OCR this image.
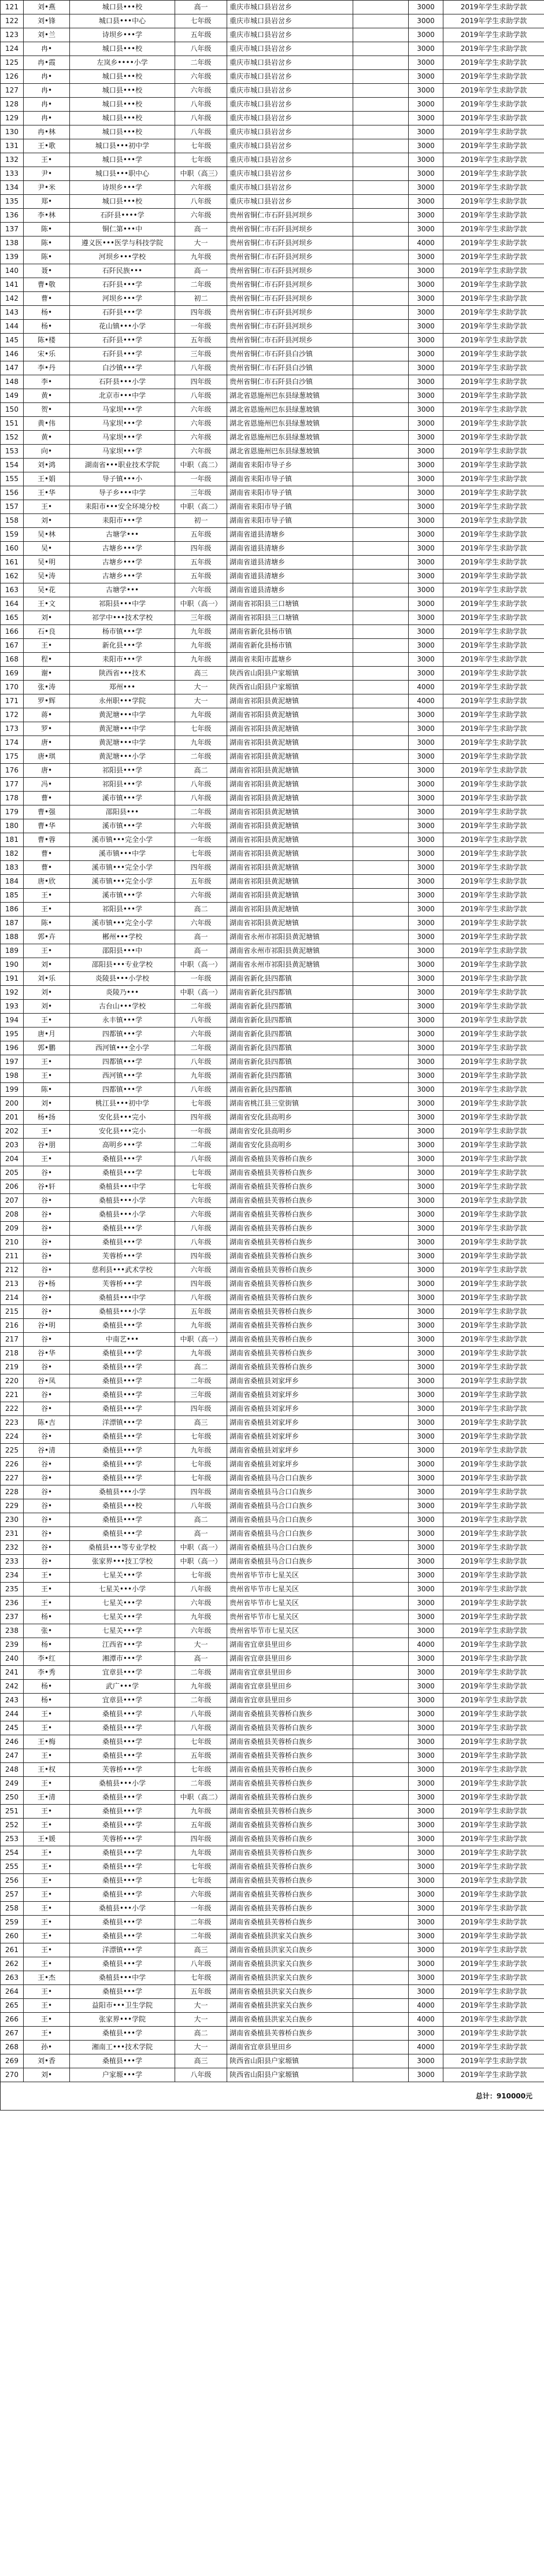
121	刘•燕	城口县•••校	高一	重庆市城口县岩岔乡		3000	2019年学生求助学款
122	刘•锋	城口县•••中心	七年级	重庆市城口县岩岔乡		3000	2019年学生求助学款
123	刘•兰	诗坝乡•••学	五年级	重庆市城口县岩岔乡		3000	2019年学生求助学款
124	冉•	城口县•••校	八年级	重庆市城口县岩岔乡		3000	2019年学生求助学款
125	冉•霞	左岚乡••••小学	二年级	重庆市城口县岩岔乡		3000	2019年学生求助学款
126	冉•	城口县•••校	六年级	重庆市城口县岩岔乡		3000	2019年学生求助学款
127	冉•	城口县•••校	六年级	重庆市城口县岩岔乡		3000	2019年学生求助学款
128	冉•	城口县•••校	八年级	重庆市城口县岩岔乡		3000	2019年学生求助学款
129	冉•	城口县•••校	八年级	重庆市城口县岩岔乡		3000	2019年学生求助学款
130	冉•林	城口县•••校	八年级	重庆市城口县岩岔乡		3000	2019年学生求助学款
131	王•歌	城口县•••初中学	七年级	重庆市城口县岩岔乡		3000	2019年学生求助学款
132	王•	城口县•••学	七年级	重庆市城口县岩岔乡		3000	2019年学生求助学款
133	尹•	城口县•••职中心	中职（高三）	重庆市城口县岩岔乡		3000	2019年学生求助学款
134	尹•米	诗坝乡•••学	六年级	重庆市城口县岩岔乡		3000	2019年学生求助学款
135	郑•	城口县•••校	八年级	重庆市城口县岩岔乡		3000	2019年学生求助学款
136	李•林	石阡县••••学	六年级	贵州省铜仁市石阡县河坝乡		3000	2019年学生求助学款
137	陈•	铜仁第•••中	高一	贵州省铜仁市石阡县河坝乡		3000	2019年学生求助学款
138	陈•	遵义医•••医学与科技学院	大一	贵州省铜仁市石阡县河坝乡		4000	2019年学生求助学款
139	陈•	河坝乡•••学校	九年级	贵州省铜仁市石阡县河坝乡		3000	2019年学生求助学款
140	聂•	石阡民族•••	高一	贵州省铜仁市石阡县河坝乡		3000	2019年学生求助学款
141	曹•敬	石阡县•••学	二年级	贵州省铜仁市石阡县河坝乡		3000	2019年学生求助学款
142	曹•	河坝乡•••学	初二	贵州省铜仁市石阡县河坝乡		3000	2019年学生求助学款
143	杨•	石阡县•••学	四年级	贵州省铜仁市石阡县河坝乡		3000	2019年学生求助学款
144	杨•	花山镇•••小学	一年级	贵州省铜仁市石阡县河坝乡		3000	2019年学生求助学款
145	陈•楼	石阡县•••学	五年级	贵州省铜仁市石阡县河坝乡		3000	2019年学生求助学款
146	宋•乐	石阡县•••学	三年级	贵州省铜仁市石阡县白沙镇		3000	2019年学生求助学款
147	李•丹	白沙镇•••学	八年级	贵州省铜仁市石阡县白沙镇		3000	2019年学生求助学款
148	李•	石阡县•••小学	四年级	贵州省铜仁市石阡县白沙镇		3000	2019年学生求助学款
149	黄•	北京市•••中学	八年级	湖北省恩施州巴东县绿葱坡镇		3000	2019年学生求助学款
150	贺•	马家坝•••学	六年级	湖北省恩施州巴东县绿葱坡镇		3000	2019年学生求助学款
151	黄•伟	马家坝•••学	六年级	湖北省恩施州巴东县绿葱坡镇		3000	2019年学生求助学款
152	黄•	马家坝•••学	六年级	湖北省恩施州巴东县绿葱坡镇		3000	2019年学生求助学款
153	向•	马家坝•••学	六年级	湖北省恩施州巴东县绿葱坡镇		3000	2019年学生求助学款
154	刘•鸿	湖南省•••职业技术学院	中职（高二）	湖南省耒阳市导子乡		3000	2019年学生求助学款
155	王•娟	导子镇•••小	一年级	湖南省耒阳市导子镇		3000	2019年学生求助学款
156	王•华	导子乡•••中学	三年级	湖南省耒阳市导子镇		3000	2019年学生求助学款
157	王•	耒阳市•••安全环境分校	中职（高二）	湖南省耒阳市导子镇		3000	2019年学生求助学款
158	刘•	耒阳市•••学	初一	湖南省耒阳市导子镇		3000	2019年学生求助学款
159	吴•林	古塘学•••	五年级	湖南省道县清塘乡		3000	2019年学生求助学款
160	吴•	古塘乡•••学	四年级	湖南省道县清塘乡		3000	2019年学生求助学款
161	吴•明	古塘乡•••学	五年级	湖南省道县清塘乡		3000	2019年学生求助学款
162	吴•涛	古塘乡•••学	五年级	湖南省道县清塘乡		3000	2019年学生求助学款
163	吴•花	古塘学•••	六年级	湖南省道县清塘乡		3000	2019年学生求助学款
164	王•文	祁阳县•••中学	中职（高一）	湖南省祁阳县三口塘镇		3000	2019年学生求助学款
165	刘•	祁学中•••技术学校	三年级	湖南省祁阳县三口塘镇		3000	2019年学生求助学款
166	石•良	杨市镇•••学	九年级	湖南省新化县杨市镇		3000	2019年学生求助学款
167	王•	新化县•••学	九年级	湖南省新化县杨市镇		3000	2019年学生求助学款
168	程•	耒阳市•••学	九年级	湖南省耒阳市蓝塘乡		3000	2019年学生求助学款
169	谢•	陕西省•••技术	高三	陕西省山阳县户家塬镇		3000	2019年学生求助学款
170	张•涛	郑州•••	大一	陕西省山阳县户家塬镇		4000	2019年学生求助学款
171	罗•辉	永州职•••学院	大一	湖南省祁阳县黄泥塘镇		4000	2019年学生求助学款
172	蒋•	黄泥塘•••中学	九年级	湖南省祁阳县黄泥塘镇		3000	2019年学生求助学款
173	罗•	黄泥塘•••中学	七年级	湖南省祁阳县黄泥塘镇		3000	2019年学生求助学款
174	唐•	黄泥塘•••中学	九年级	湖南省祁阳县黄泥塘镇		3000	2019年学生求助学款
175	唐•琪	黄泥塘•••小学	二年级	湖南省祁阳县黄泥塘镇		3000	2019年学生求助学款
176	唐•	祁阳县•••学	高二	湖南省祁阳县黄泥塘镇		3000	2019年学生求助学款
177	冯•	祁阳县•••学	八年级	湖南省祁阳县黄泥塘镇		3000	2019年学生求助学款
178	曹•	溪市镇•••学	八年级	湖南省祁阳县黄泥塘镇		3000	2019年学生求助学款
179	曹•强	邵阳县•••	二年级	湖南省祁阳县黄泥塘镇		3000	2019年学生求助学款
180	曹•华	溪市镇•••学	六年级	湖南省祁阳县黄泥塘镇		3000	2019年学生求助学款
181	曹•蓉	溪市镇•••完全小学	一年级	湖南省祁阳县黄泥塘镇		3000	2019年学生求助学款
182	曹•	溪市镇•••中学	七年级	湖南省祁阳县黄泥塘镇		3000	2019年学生求助学款
183	曹•	溪市镇•••完全小学	四年级	湖南省祁阳县黄泥塘镇		3000	2019年学生求助学款
184	唐•欣	溪市镇•••完全小学	五年级	湖南省祁阳县黄泥塘镇		3000	2019年学生求助学款
185	王•	溪市镇•••学	六年级	湖南省祁阳县黄泥塘镇		3000	2019年学生求助学款
186	王•	祁阳县•••学	高二	湖南省祁阳县黄泥塘镇		3000	2019年学生求助学款
187	陈•	溪市镇•••完全小学	六年级	湖南省祁阳县黄泥塘镇		3000	2019年学生求助学款
188	郭•卉	郴州•••学校	高一	湖南省永州市祁阳县黄泥塘镇		3000	2019年学生求助学款
189	王•	邵阳县•••中	高一	湖南省永州市祁阳县黄泥塘镇		3000	2019年学生求助学款
190	刘•	邵阳县•••专业学校	中职（高一）	湖南省永州市祁阳县黄泥塘镇		3000	2019年学生求助学款
191	刘•乐	炎陵县•••小学校	一年级	湖南省新化县四都镇		3000	2019年学生求助学款
192	刘•	炎陵乃•••	中职（高一）	湖南省新化县四都镇		3000	2019年学生求助学款
193	刘•	古台山•••学校	二年级	湖南省新化县四都镇		3000	2019年学生求助学款
194	王•	永丰镇•••学	八年级	湖南省新化县四都镇		3000	2019年学生求助学款
195	唐•月	四都镇•••学	六年级	湖南省新化县四都镇		3000	2019年学生求助学款
196	郭•鹏	西河镇•••全小学	二年级	湖南省新化县四都镇		3000	2019年学生求助学款
197	王•	四都镇•••学	八年级	湖南省新化县四都镇		3000	2019年学生求助学款
198	王•	西河镇•••学	九年级	湖南省新化县四都镇		3000	2019年学生求助学款
199	陈•	四都镇•••学	八年级	湖南省新化县四都镇		3000	2019年学生求助学款
200	刘•	桃江县•••初中学	七年级	湖南省桃江县三堂街镇		3000	2019年学生求助学款
201	杨•扬	安化县•••完小	四年级	湖南省安化县高明乡		3000	2019年学生求助学款
202	王•	安化县•••完小	一年级	湖南省安化县高明乡		3000	2019年学生求助学款
203	谷•朋	高明乡•••学	二年级	湖南省安化县高明乡		3000	2019年学生求助学款
204	王•	桑植县•••学	八年级	湖南省桑植县芙蓉桥白族乡		3000	2019年学生求助学款
205	谷•	桑植县•••学	七年级	湖南省桑植县芙蓉桥白族乡		3000	2019年学生求助学款
206	谷•轩	桑植县•••中学	七年级	湖南省桑植县芙蓉桥白族乡		3000	2019年学生求助学款
207	谷•	桑植县•••小学	六年级	湖南省桑植县芙蓉桥白族乡		3000	2019年学生求助学款
208	谷•	桑植县•••小学	六年级	湖南省桑植县芙蓉桥白族乡		3000	2019年学生求助学款
209	谷•	桑植县•••学	八年级	湖南省桑植县芙蓉桥白族乡		3000	2019年学生求助学款
210	谷•	桑植县•••学	八年级	湖南省桑植县芙蓉桥白族乡		3000	2019年学生求助学款
211	谷•	芙蓉桥•••学	四年级	湖南省桑植县芙蓉桥白族乡		3000	2019年学生求助学款
212	谷•	慈利县•••武术学校	六年级	湖南省桑植县芙蓉桥白族乡		3000	2019年学生求助学款
213	谷•杨	芙蓉桥•••学	四年级	湖南省桑植县芙蓉桥白族乡		3000	2019年学生求助学款
214	谷•	桑植县•••中学	八年级	湖南省桑植县芙蓉桥白族乡		3000	2019年学生求助学款
215	谷•	桑植县•••小学	五年级	湖南省桑植县芙蓉桥白族乡		3000	2019年学生求助学款
216	谷•明	桑植县•••学	九年级	湖南省桑植县芙蓉桥白族乡		3000	2019年学生求助学款
217	谷•	中南艺•••	中职（高一）	湖南省桑植县芙蓉桥白族乡		3000	2019年学生求助学款
218	谷•华	桑植县•••学	九年级	湖南省桑植县芙蓉桥白族乡		3000	2019年学生求助学款
219	谷•	桑植县•••学	高二	湖南省桑植县芙蓉桥白族乡		3000	2019年学生求助学款
220	谷•凤	桑植县•••学	二年级	湖南省桑植县刘家坪乡		3000	2019年学生求助学款
221	谷•	桑植县•••学	三年级	湖南省桑植县刘家坪乡		3000	2019年学生求助学款
222	谷•	桑植县•••学	四年级	湖南省桑植县刘家坪乡		3000	2019年学生求助学款
223	陈•吉	洋漂镇•••学	高三	湖南省桑植县刘家坪乡		3000	2019年学生求助学款
224	谷•	桑植县•••学	七年级	湖南省桑植县刘家坪乡		3000	2019年学生求助学款
225	谷•清	桑植县•••学	九年级	湖南省桑植县刘家坪乡		3000	2019年学生求助学款
226	谷•	桑植县•••学	七年级	湖南省桑植县刘家坪乡		3000	2019年学生求助学款
227	谷•	桑植县•••学	七年级	湖南省桑植县马合口白族乡		3000	2019年学生求助学款
228	谷•	桑植县•••小学	四年级	湖南省桑植县马合口白族乡		3000	2019年学生求助学款
229	谷•	桑植县•••校	八年级	湖南省桑植县马合口白族乡		3000	2019年学生求助学款
230	谷•	桑植县•••学	高二	湖南省桑植县马合口白族乡		3000	2019年学生求助学款
231	谷•	桑植县•••学	高一	湖南省桑植县马合口白族乡		3000	2019年学生求助学款
232	谷•	桑植县•••等专业学校	中职（高一）	湖南省桑植县马合口白族乡		3000	2019年学生求助学款
233	谷•	张家界•••技工学校	中职（高一）	湖南省桑植县马合口白族乡		3000	2019年学生求助学款
234	王•	七星关•••学	七年级	贵州省毕节市七星关区		3000	2019年学生求助学款
235	王•	七星关•••小学	八年级	贵州省毕节市七星关区		3000	2019年学生求助学款
236	王•	七星关•••学	六年级	贵州省毕节市七星关区		3000	2019年学生求助学款
237	杨•	七星关•••学	九年级	贵州省毕节市七星关区		3000	2019年学生求助学款
238	张•	七星关•••学	六年级	贵州省毕节市七星关区		3000	2019年学生求助学款
239	杨•	江西省•••学	大一	湖南省宜章县里田乡		4000	2019年学生求助学款
240	李•红	湘潭市•••学	高一	湖南省宜章县里田乡		3000	2019年学生求助学款
241	李•秀	宜章县•••学	二年级	湖南省宜章县里田乡		3000	2019年学生求助学款
242	杨•	武广•••学	九年级	湖南省宜章县里田乡		3000	2019年学生求助学款
243	杨•	宜章县•••学	二年级	湖南省宜章县里田乡		3000	2019年学生求助学款
244	王•	桑植县•••学	八年级	湖南省桑植县芙蓉桥白族乡		3000	2019年学生求助学款
245	王•	桑植县•••学	八年级	湖南省桑植县芙蓉桥白族乡		3000	2019年学生求助学款
246	王•梅	桑植县•••学	七年级	湖南省桑植县芙蓉桥白族乡		3000	2019年学生求助学款
247	王•	桑植县•••学	五年级	湖南省桑植县芙蓉桥白族乡		3000	2019年学生求助学款
248	王•权	芙蓉桥•••学	七年级	湖南省桑植县芙蓉桥白族乡		3000	2019年学生求助学款
249	王•	桑植县•••小学	二年级	湖南省桑植县芙蓉桥白族乡		3000	2019年学生求助学款
250	王•清	桑植县•••学	中职（高二）	湖南省桑植县芙蓉桥白族乡		3000	2019年学生求助学款
251	王•	桑植县•••学	九年级	湖南省桑植县芙蓉桥白族乡		3000	2019年学生求助学款
252	王•	桑植县•••学	五年级	湖南省桑植县芙蓉桥白族乡		3000	2019年学生求助学款
253	王•媛	芙蓉桥•••学	四年级	湖南省桑植县芙蓉桥白族乡		3000	2019年学生求助学款
254	王•	桑植县•••学	九年级	湖南省桑植县芙蓉桥白族乡		3000	2019年学生求助学款
255	王•	桑植县•••学	七年级	湖南省桑植县芙蓉桥白族乡		3000	2019年学生求助学款
256	王•	桑植县•••学	七年级	湖南省桑植县芙蓉桥白族乡		3000	2019年学生求助学款
257	王•	桑植县•••学	六年级	湖南省桑植县芙蓉桥白族乡		3000	2019年学生求助学款
258	王•	桑植县•••小学	一年级	湖南省桑植县芙蓉桥白族乡		3000	2019年学生求助学款
259	王•	桑植县•••学	二年级	湖南省桑植县芙蓉桥白族乡		3000	2019年学生求助学款
260	王•	桑植县•••学	二年级	湖南省桑植县洪家关白族乡		3000	2019年学生求助学款
261	王•	洋漂镇•••学	高三	湖南省桑植县洪家关白族乡		3000	2019年学生求助学款
262	王•	桑植县•••学	八年级	湖南省桑植县洪家关白族乡		3000	2019年学生求助学款
263	王•杰	桑植县•••中学	七年级	湖南省桑植县洪家关白族乡		3000	2019年学生求助学款
264	王•	桑植县•••学	五年级	湖南省桑植县洪家关白族乡		3000	2019年学生求助学款
265	王•	益阳市•••卫生学院	大一	湖南省桑植县洪家关白族乡		4000	2019年学生求助学款
266	王•	张家界•••学院	大一	湖南省桑植县洪家关白族乡		4000	2019年学生求助学款
267	王•	桑植县•••学	高二	湖南省桑植县芙蓉桥白族乡		3000	2019年学生求助学款
268	孙•	湘南工•••技术学院	大一	湖南省宜章县里田乡		4000	2019年学生求助学款
269	刘•香	桑植县•••学	高三	陕西省山阳县户家塬镇		3000	2019年学生求助学款
270	刘•	户家塬•••学	八年级	陕西省山阳县户家塬镇		3000	2019年学生求助学款
总计：910000元							
